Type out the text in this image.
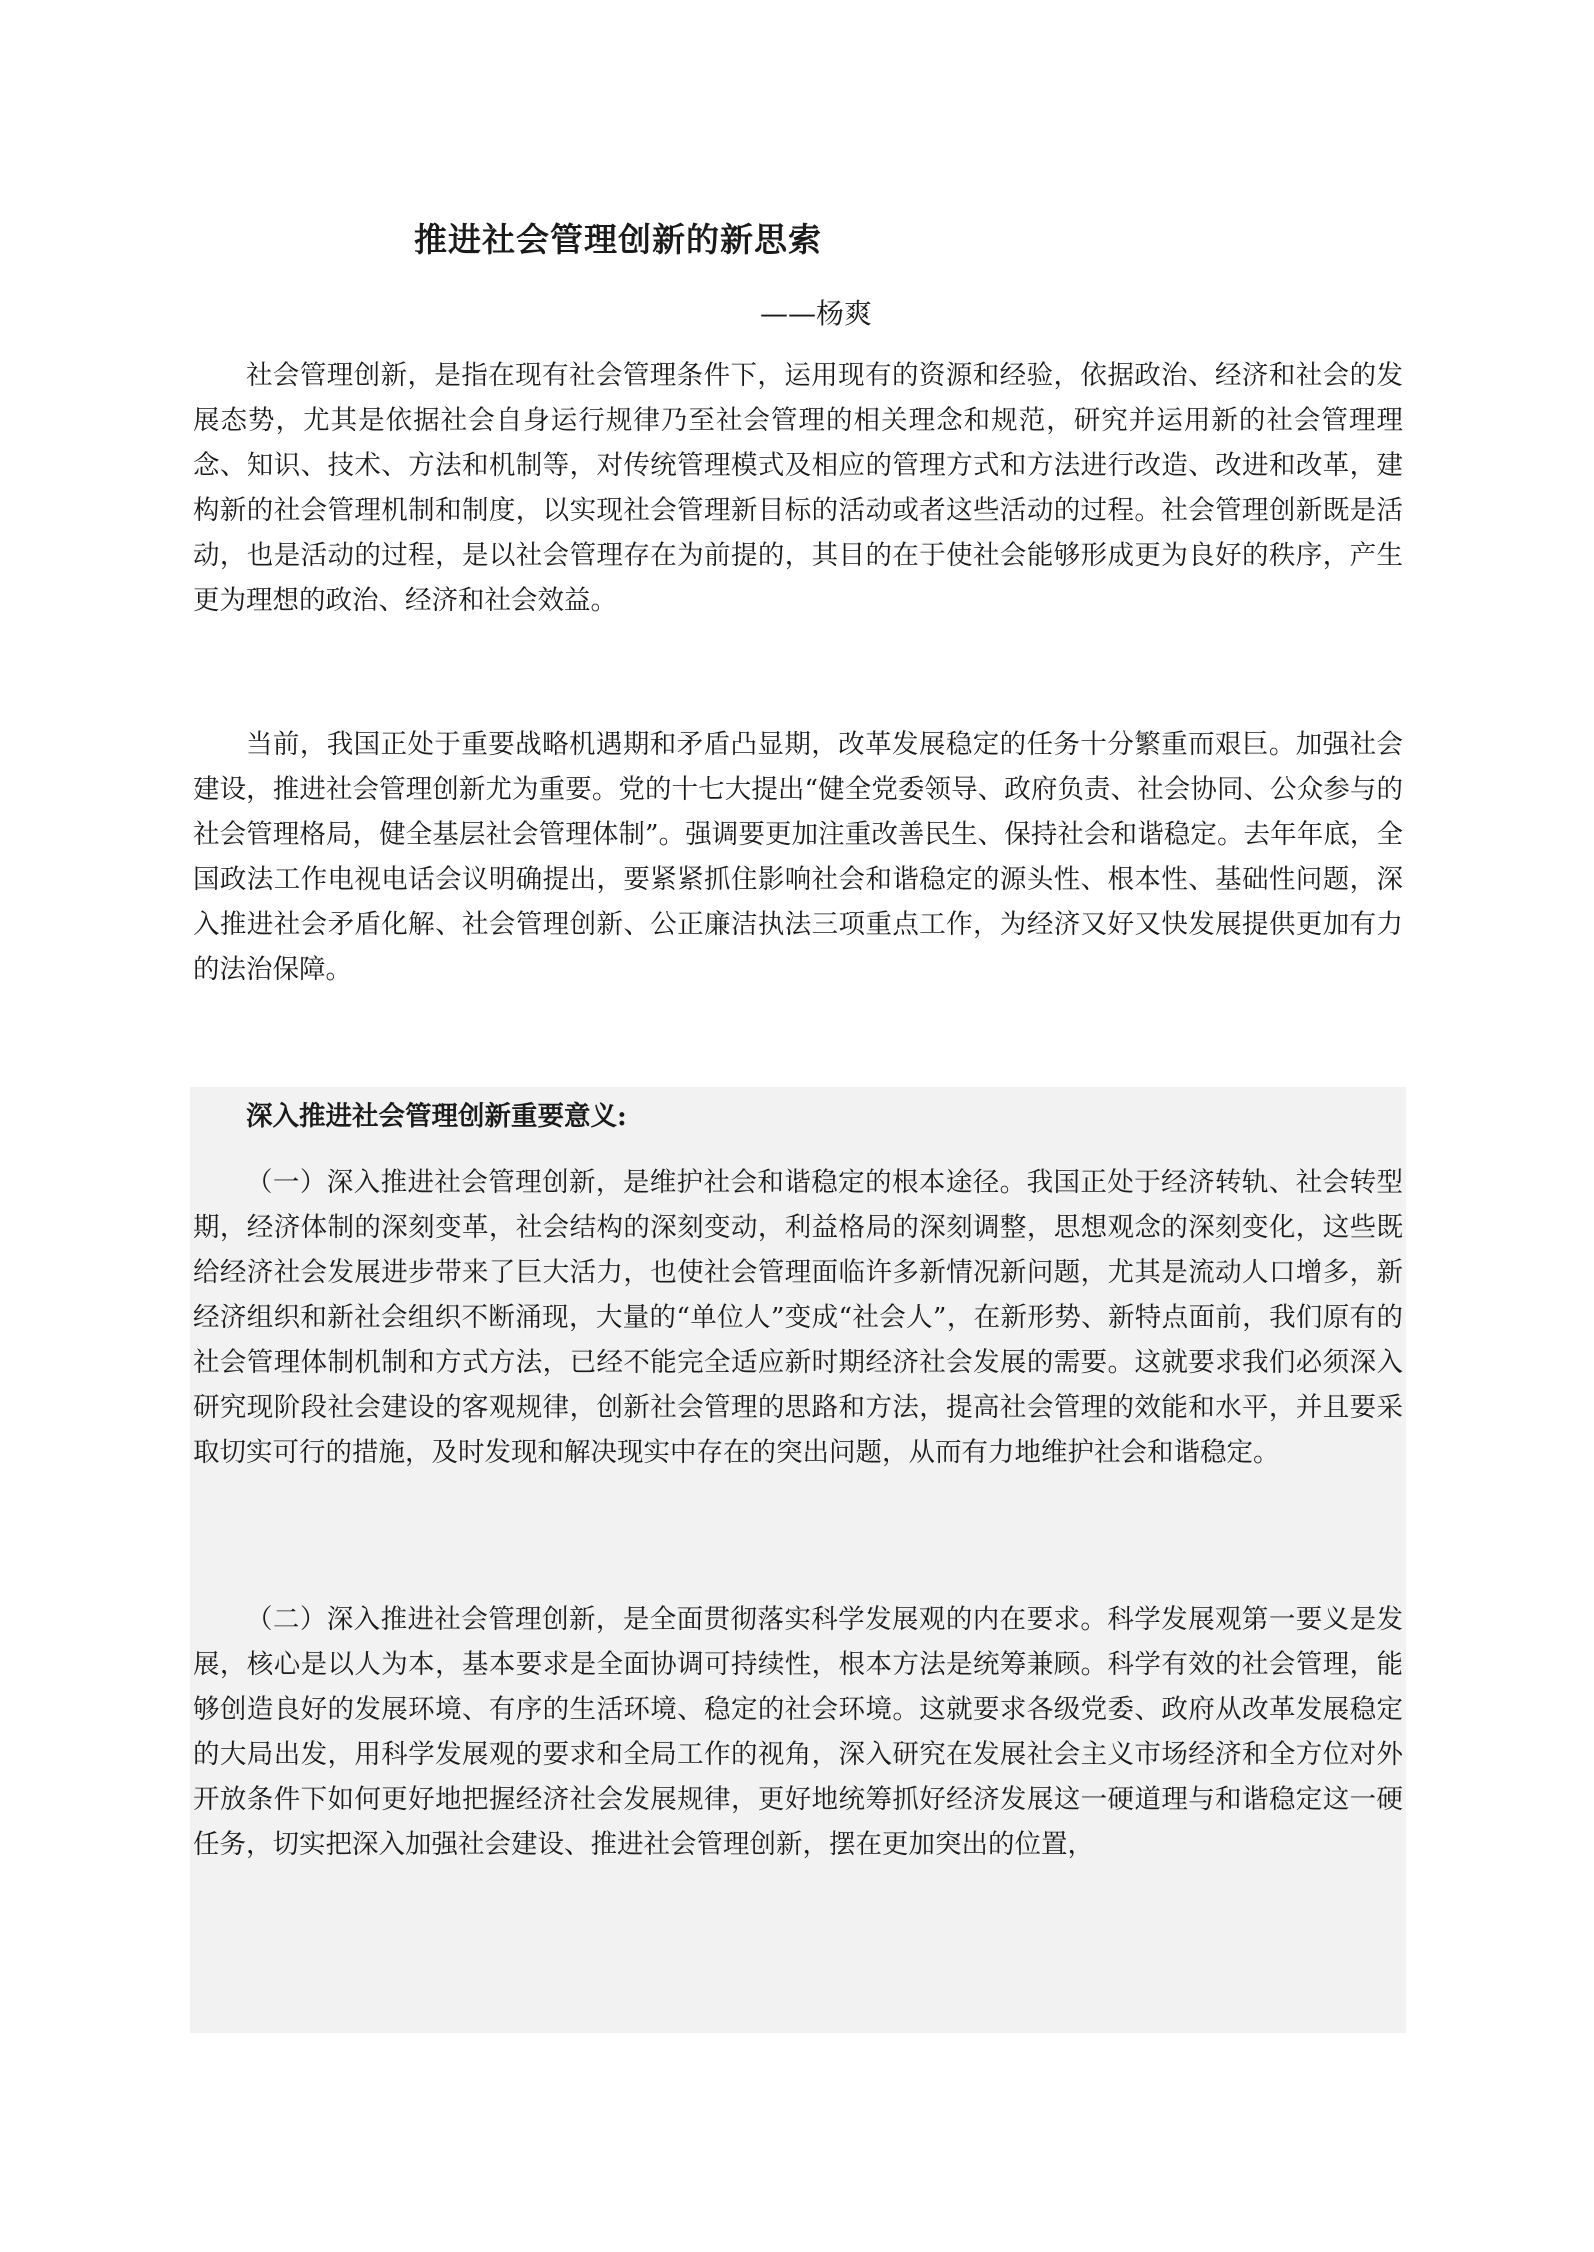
推进社会管理创新的新思索
——杨爽

社会管理创新，是指在现有社会管理条件下，运用现有的资源和经验，依据政治、经济和社会的发展态势，尤其是依据社会自身运行规律乃至社会管理的相关理念和规范，研究并运用新的社会管理理念、知识、技术、方法和机制等，对传统管理模式及相应的管理方式和方法进行改造、改进和改革，建构新的社会管理机制和制度，以实现社会管理新目标的活动或者这些活动的过程。社会管理创新既是活动，也是活动的过程，是以社会管理存在为前提的，其目的在于使社会能够形成更为良好的秩序，产生更为理想的政治、经济和社会效益。

当前，我国正处于重要战略机遇期和矛盾凸显期，改革发展稳定的任务十分繁重而艰巨。加强社会建设，推进社会管理创新尤为重要。党的十七大提出“健全党委领导、政府负责、社会协同、公众参与的社会管理格局，健全基层社会管理体制”。强调要更加注重改善民生、保持社会和谐稳定。去年年底，全国政法工作电视电话会议明确提出，要紧紧抓住影响社会和谐稳定的源头性、根本性、基础性问题，深入推进社会矛盾化解、社会管理创新、公正廉洁执法三项重点工作，为经济又好又快发展提供更加有力的法治保障。

深入推进社会管理创新重要意义:

（一）深入推进社会管理创新，是维护社会和谐稳定的根本途径。我国正处于经济转轨、社会转型期，经济体制的深刻变革，社会结构的深刻变动，利益格局的深刻调整，思想观念的深刻变化，这些既给经济社会发展进步带来了巨大活力，也使社会管理面临许多新情况新问题，尤其是流动人口增多，新经济组织和新社会组织不断涌现，大量的“单位人”变成“社会人”，在新形势、新特点面前，我们原有的社会管理体制机制和方式方法，已经不能完全适应新时期经济社会发展的需要。这就要求我们必须深入研究现阶段社会建设的客观规律，创新社会管理的思路和方法，提高社会管理的效能和水平，并且要采取切实可行的措施，及时发现和解决现实中存在的突出问题，从而有力地维护社会和谐稳定。

（二）深入推进社会管理创新，是全面贯彻落实科学发展观的内在要求。科学发展观第一要义是发展，核心是以人为本，基本要求是全面协调可持续性，根本方法是统筹兼顾。科学有效的社会管理，能够创造良好的发展环境、有序的生活环境、稳定的社会环境。这就要求各级党委、政府从改革发展稳定的大局出发，用科学发展观的要求和全局工作的视角，深入研究在发展社会主义市场经济和全方位对外开放条件下如何更好地把握经济社会发展规律，更好地统筹抓好经济发展这一硬道理与和谐稳定这一硬任务，切实把深入加强社会建设、推进社会管理创新，摆在更加突出的位置，
